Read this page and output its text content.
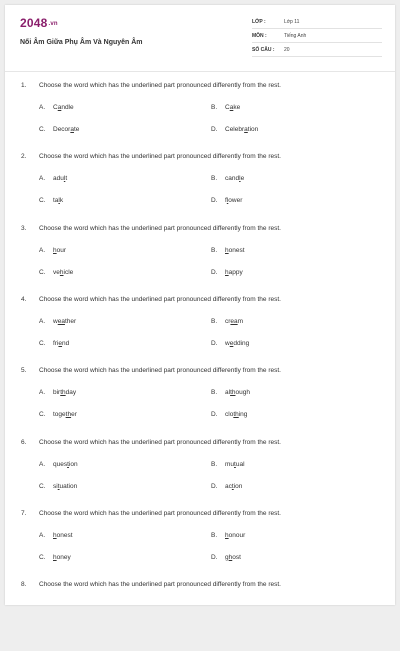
2048.vn
Nối Âm Giữa Phụ Âm Và Nguyên Âm
LỚP :	Lớp 11
MÔN :	Tiếng Anh
SỐ CÂU : 20
1. Choose the word which has the underlined part pronounced differently from the rest.
A. Candle	B. Cake
C. Decorate	D. Celebration
2. Choose the word which has the underlined part pronounced differently from the rest.
A. adult	B. candle
C. talk	D. flower
3. Choose the word which has the underlined part pronounced differently from the rest.
A. hour	B. honest
C. vehicle	D. happy
4. Choose the word which has the underlined part pronounced differently from the rest.
A. weather	B. cream
C. friend	D. wedding
5. Choose the word which has the underlined part pronounced differently from the rest.
A. birthday	B. although
C. together	D. clothing
6. Choose the word which has the underlined part pronounced differently from the rest.
A. question	B. mutual
C. situation	D. action
7. Choose the word which has the underlined part pronounced differently from the rest.
A. honest	B. honour
C. honey	D. ghost
8. Choose the word which has the underlined part pronounced differently from the rest.
